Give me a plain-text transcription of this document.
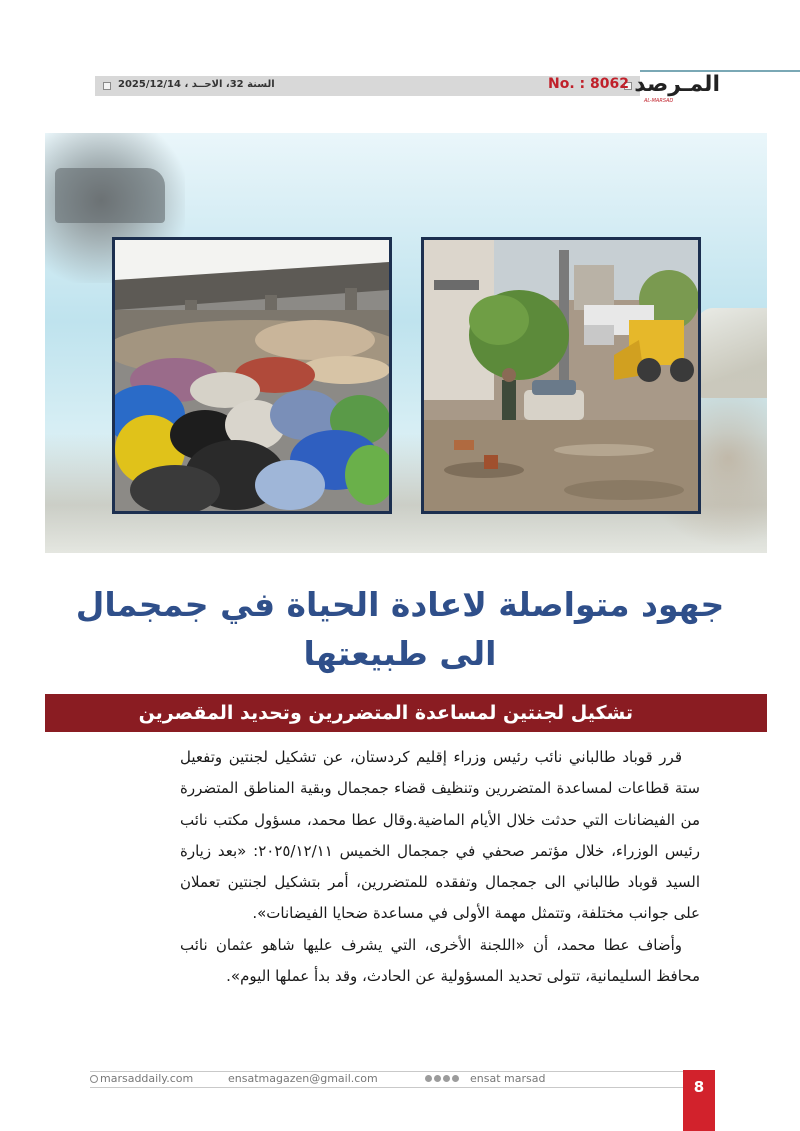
السنة 32، الاحــد ، 2025/12/14	No. : 8062 المـرصد
AL-MARSAD
جهود متواصلة لاعادة الحياة في جمجمال
الى طبيعتها
تشكيل لجنتين لمساعدة المتضررين وتحديد المقصرين

قرر قوباد طالباني نائب رئيس وزراء إقليم كردستان، عن تشكيل لجنتين وتفعيل ستة قطاعات لمساعدة المتضررين وتنظيف قضاء جمجمال وبقية المناطق المتضررة من الفيضانات التي حدثت خلال الأيام الماضية.وقال عطا محمد، مسؤول مكتب نائب رئيس الوزراء، خلال مؤتمر صحفي في جمجمال الخميس ٢٠٢٥/١٢/١١: «بعد زيارة السيد قوباد طالباني الى جمجمال وتفقده للمتضررين، أمر بتشكيل لجنتين تعملان على جوانب مختلفة، وتتمثل مهمة الأولى في مساعدة ضحايا الفيضانات».

وأضاف عطا محمد، أن «اللجنة الأخرى، التي يشرف عليها شاهو عثمان نائب محافظ السليمانية، تتولى تحديد المسؤولية عن الحادث، وقد بدأ عملها اليوم».

marsaddaily.com	ensatmagazen@gmail.com	ensat marsad	8
